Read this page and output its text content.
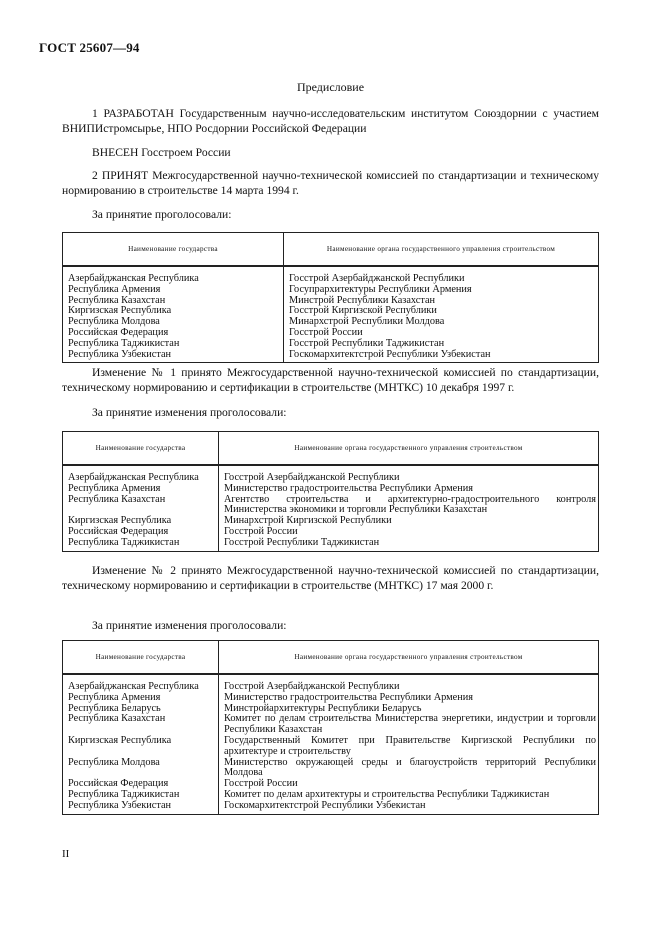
ГОСТ 25607—94
Предисловие
1 РАЗРАБОТАН Государственным научно-исследовательским институтом Союздорнии с участием ВНИПИстромсырье, НПО Росдорнии Российской Федерации
ВНЕСЕН Госстроем России
2 ПРИНЯТ Межгосударственной научно-технической комиссией по стандартизации и техническому нормированию в строительстве 14 марта 1994 г.
За принятие проголосовали:
Наименование государства	Наименование органа государственного управления строительством

Азербайджанская Республика	Госстрой Азербайджанской Республики
Республика Армения	Госупрархитектуры Республики Армения
Республика Казахстан	Минстрой Республики Казахстан
Киргизская Республика	Госстрой Киргизской Республики
Республика Молдова	Минархстрой Республики Молдова
Российская Федерация	Госстрой России
Республика Таджикистан	Госстрой Республики Таджикистан
Республика Узбекистан	Госкомархитектстрой Республики Узбекистан
Изменение № 1 принято Межгосударственной научно-технической комиссией по стандартизации, техническому нормированию и сертификации в строительстве (МНТКС) 10 декабря 1997 г.
За принятие изменения проголосовали:
Наименование государства	Наименование органа государственного управления строительством

Азербайджанская Республика	Госстрой Азербайджанской Республики
Республика Армения	Министерство градостроительства Республики Армения
Республика Казахстан	Агентство строительства и архитектурно-градостроительного контроля Министерства экономики и торговли Республики Казахстан
Киргизская Республика	Минархстрой Киргизской Республики
Российская Федерация	Госстрой России
Республика Таджикистан	Госстрой Республики Таджикистан
Изменение № 2 принято Межгосударственной научно-технической комиссией по стандартизации, техническому нормированию и сертификации в строительстве (МНТКС) 17 мая 2000 г.
За принятие изменения проголосовали:
Наименование государства	Наименование органа государственного управления строительством

Азербайджанская Республика	Госстрой Азербайджанской Республики
Республика Армения	Министерство градостроительства Республики Армения
Республика Беларусь	Минстройархитектуры Республики Беларусь
Республика Казахстан	Комитет по делам строительства Министерства энергетики, индустрии и торговли Республики Казахстан
Киргизская Республика	Государственный Комитет при Правительстве Киргизской Республики по архитектуре и строительству
Республика Молдова	Министерство окружающей среды и благоустройств территорий Республики Молдова
Российская Федерация	Госстрой России
Республика Таджикистан	Комитет по делам архитектуры и строительства Республики Таджикистан
Республика Узбекистан	Госкомархитектстрой Республики Узбекистан
II
